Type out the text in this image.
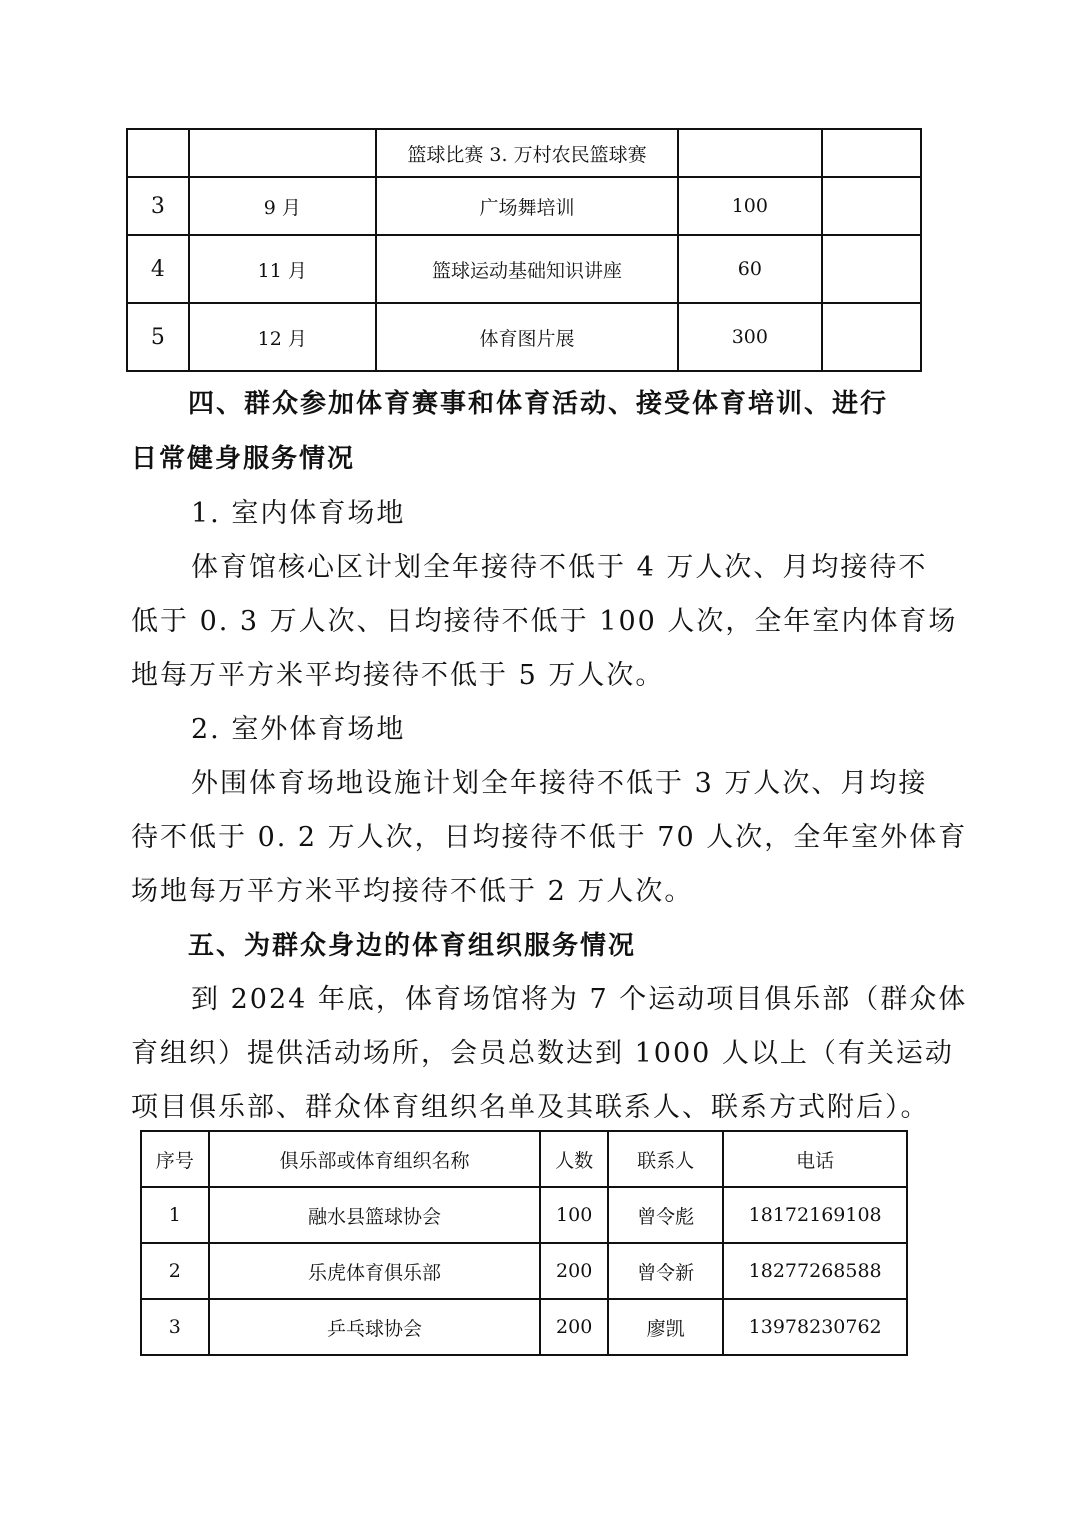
		篮球比赛 3. 万村农民篮球赛		
3	9 月	广场舞培训	100	
4	11 月	篮球运动基础知识讲座	60	
5	12 月	体育图片展	300	
四、群众参加体育赛事和体育活动、接受体育培训、进行
日常健身服务情况
1. 室内体育场地
体育馆核心区计划全年接待不低于 4 万人次、月均接待不
低于 0. 3 万人次、日均接待不低于 100 人次，全年室内体育场
地每万平方米平均接待不低于 5 万人次。
2. 室外体育场地
外围体育场地设施计划全年接待不低于 3 万人次、月均接
待不低于 0. 2 万人次，日均接待不低于 70 人次，全年室外体育
场地每万平方米平均接待不低于 2 万人次。
五、为群众身边的体育组织服务情况
到 2024 年底，体育场馆将为 7 个运动项目俱乐部（群众体
育组织）提供活动场所，会员总数达到 1000 人以上（有关运动
项目俱乐部、群众体育组织名单及其联系人、联系方式附后）。
序号	俱乐部或体育组织名称	人数	联系人	电话
1	融水县篮球协会	100	曾令彪	18172169108
2	乐虎体育俱乐部	200	曾令新	18277268588
3	乒乓球协会	200	廖凯	13978230762
